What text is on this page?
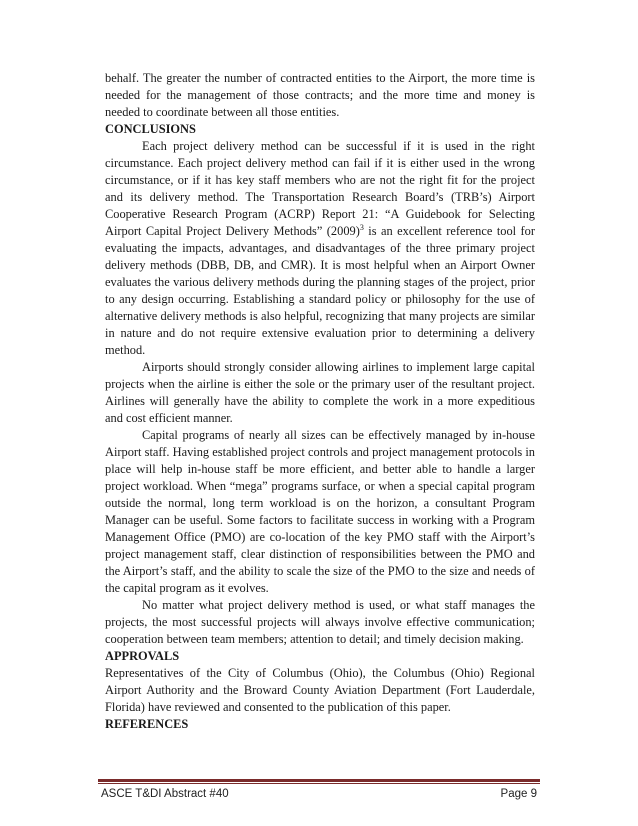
behalf. The greater the number of contracted entities to the Airport, the more time is needed for the management of those contracts; and the more time and money is needed to coordinate between all those entities.

CONCLUSIONS

Each project delivery method can be successful if it is used in the right circumstance. Each project delivery method can fail if it is either used in the wrong circumstance, or if it has key staff members who are not the right fit for the project and its delivery method. The Transportation Research Board’s (TRB’s) Airport Cooperative Research Program (ACRP) Report 21: “A Guidebook for Selecting Airport Capital Project Delivery Methods” $(2009)^3$ is an excellent reference tool for evaluating the impacts, advantages, and disadvantages of the three primary project delivery methods (DBB, DB, and CMR). It is most helpful when an Airport Owner evaluates the various delivery methods during the planning stages of the project, prior to any design occurring. Establishing a standard policy or philosophy for the use of alternative delivery methods is also helpful, recognizing that many projects are similar in nature and do not require extensive evaluation prior to determining a delivery method.

Airports should strongly consider allowing airlines to implement large capital projects when the airline is either the sole or the primary user of the resultant project. Airlines will generally have the ability to complete the work in a more expeditious and cost efficient manner.

Capital programs of nearly all sizes can be effectively managed by in-house Airport staff. Having established project controls and project management protocols in place will help in-house staff be more efficient, and better able to handle a larger project workload. When “mega” programs surface, or when a special capital program outside the normal, long term workload is on the horizon, a consultant Program Manager can be useful. Some factors to facilitate success in working with a Program Management Office (PMO) are co-location of the key PMO staff with the Airport’s project management staff, clear distinction of responsibilities between the PMO and the Airport’s staff, and the ability to scale the size of the PMO to the size and needs of the capital program as it evolves.

No matter what project delivery method is used, or what staff manages the projects, the most successful projects will always involve effective communication; cooperation between team members; attention to detail; and timely decision making.

APPROVALS

Representatives of the City of Columbus (Ohio), the Columbus (Ohio) Regional Airport Authority and the Broward County Aviation Department (Fort Lauderdale, Florida) have reviewed and consented to the publication of this paper.

REFERENCES

ASCE T&DI Abstract #40	Page 9
